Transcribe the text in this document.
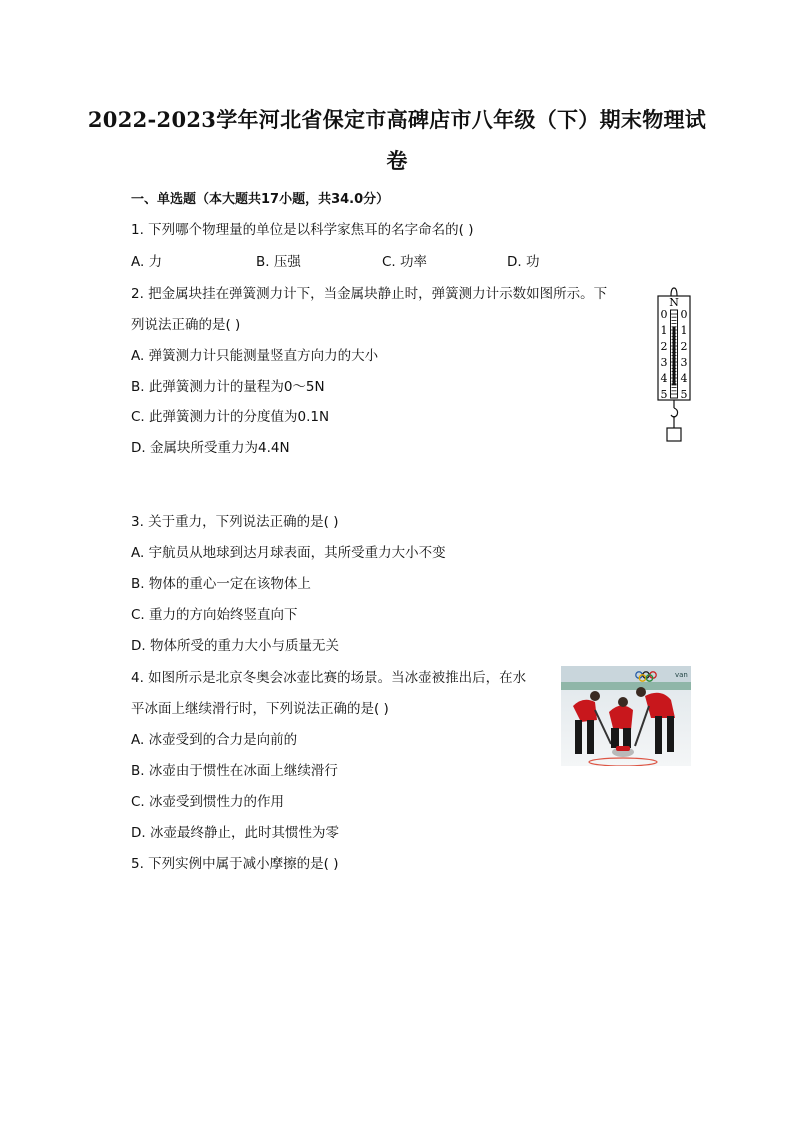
2022-2023学年河北省保定市高碑店市八年级（下）期末物理试
卷
一、单选题（本大题共17小题，共34.0分）
1. 下列哪个物理量的单位是以科学家焦耳的名字命名的( )
A. 力	B. 压强	C. 功率	D. 功
2. 把金属块挂在弹簧测力计下，当金属块静止时，弹簧测力计示数如图所示。下
列说法正确的是( )
A. 弹簧测力计只能测量竖直方向力的大小
B. 此弹簧测力计的量程为0～5N
C. 此弹簧测力计的分度值为0.1N
D. 金属块所受重力为4.4N
N
0 0
1 1
2 2
3 3
4 4
5 5
3. 关于重力，下列说法正确的是( )
A. 宇航员从地球到达月球表面，其所受重力大小不变
B. 物体的重心一定在该物体上
C. 重力的方向始终竖直向下
D. 物体所受的重力大小与质量无关
4. 如图所示是北京冬奥会冰壶比赛的场景。当冰壶被推出后，在水
平冰面上继续滑行时，下列说法正确的是( )
A. 冰壶受到的合力是向前的
B. 冰壶由于惯性在冰面上继续滑行
C. 冰壶受到惯性力的作用
D. 冰壶最终静止，此时其惯性为零
van
5. 下列实例中属于减小摩擦的是( )
